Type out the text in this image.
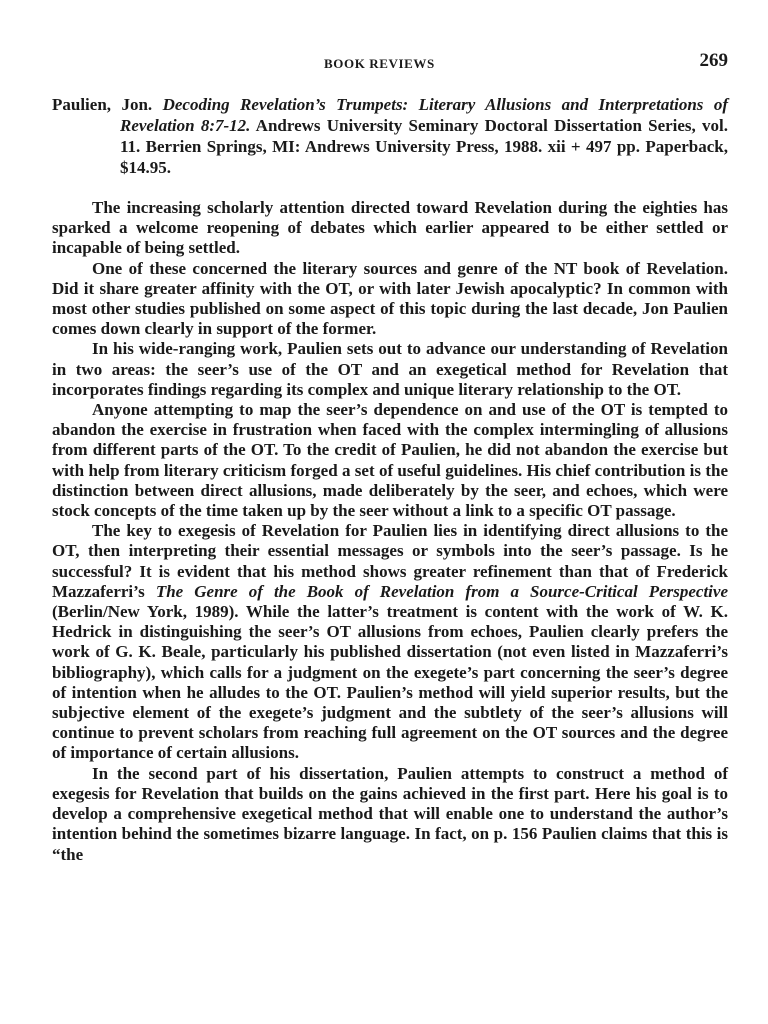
BOOK REVIEWS	269

Paulien, Jon. Decoding Revelation’s Trumpets: Literary Allusions and Interpretations of Revelation 8:7-12. Andrews University Seminary Doctoral Dissertation Series, vol. 11. Berrien Springs, MI: Andrews University Press, 1988. xii + 497 pp. Paperback, $14.95.

The increasing scholarly attention directed toward Revelation during the eighties has sparked a welcome reopening of debates which earlier appeared to be either settled or incapable of being settled.

One of these concerned the literary sources and genre of the NT book of Revelation. Did it share greater affinity with the OT, or with later Jewish apocalyptic? In common with most other studies published on some aspect of this topic during the last decade, Jon Paulien comes down clearly in support of the former.

In his wide-ranging work, Paulien sets out to advance our understanding of Revelation in two areas: the seer’s use of the OT and an exegetical method for Revelation that incorporates findings regarding its complex and unique literary relationship to the OT.

Anyone attempting to map the seer’s dependence on and use of the OT is tempted to abandon the exercise in frustration when faced with the complex intermingling of allusions from different parts of the OT. To the credit of Paulien, he did not abandon the exercise but with help from literary criticism forged a set of useful guidelines. His chief contribution is the distinction between direct allusions, made deliberately by the seer, and echoes, which were stock concepts of the time taken up by the seer without a link to a specific OT passage.

The key to exegesis of Revelation for Paulien lies in identifying direct allusions to the OT, then interpreting their essential messages or symbols into the seer’s passage. Is he successful? It is evident that his method shows greater refinement than that of Frederick Mazzaferri’s The Genre of the Book of Revelation from a Source-Critical Perspective (Berlin/New York, 1989). While the latter’s treatment is content with the work of W. K. Hedrick in distinguishing the seer’s OT allusions from echoes, Paulien clearly prefers the work of G. K. Beale, particularly his published dissertation (not even listed in Mazzaferri’s bibliography), which calls for a judgment on the exegete’s part concerning the seer’s degree of intention when he alludes to the OT. Paulien’s method will yield superior results, but the subjective element of the exegete’s judgment and the subtlety of the seer’s allusions will continue to prevent scholars from reaching full agreement on the OT sources and the degree of importance of certain allusions.

In the second part of his dissertation, Paulien attempts to construct a method of exegesis for Revelation that builds on the gains achieved in the first part. Here his goal is to develop a comprehensive exegetical method that will enable one to understand the author’s intention behind the sometimes bizarre language. In fact, on p. 156 Paulien claims that this is “the
